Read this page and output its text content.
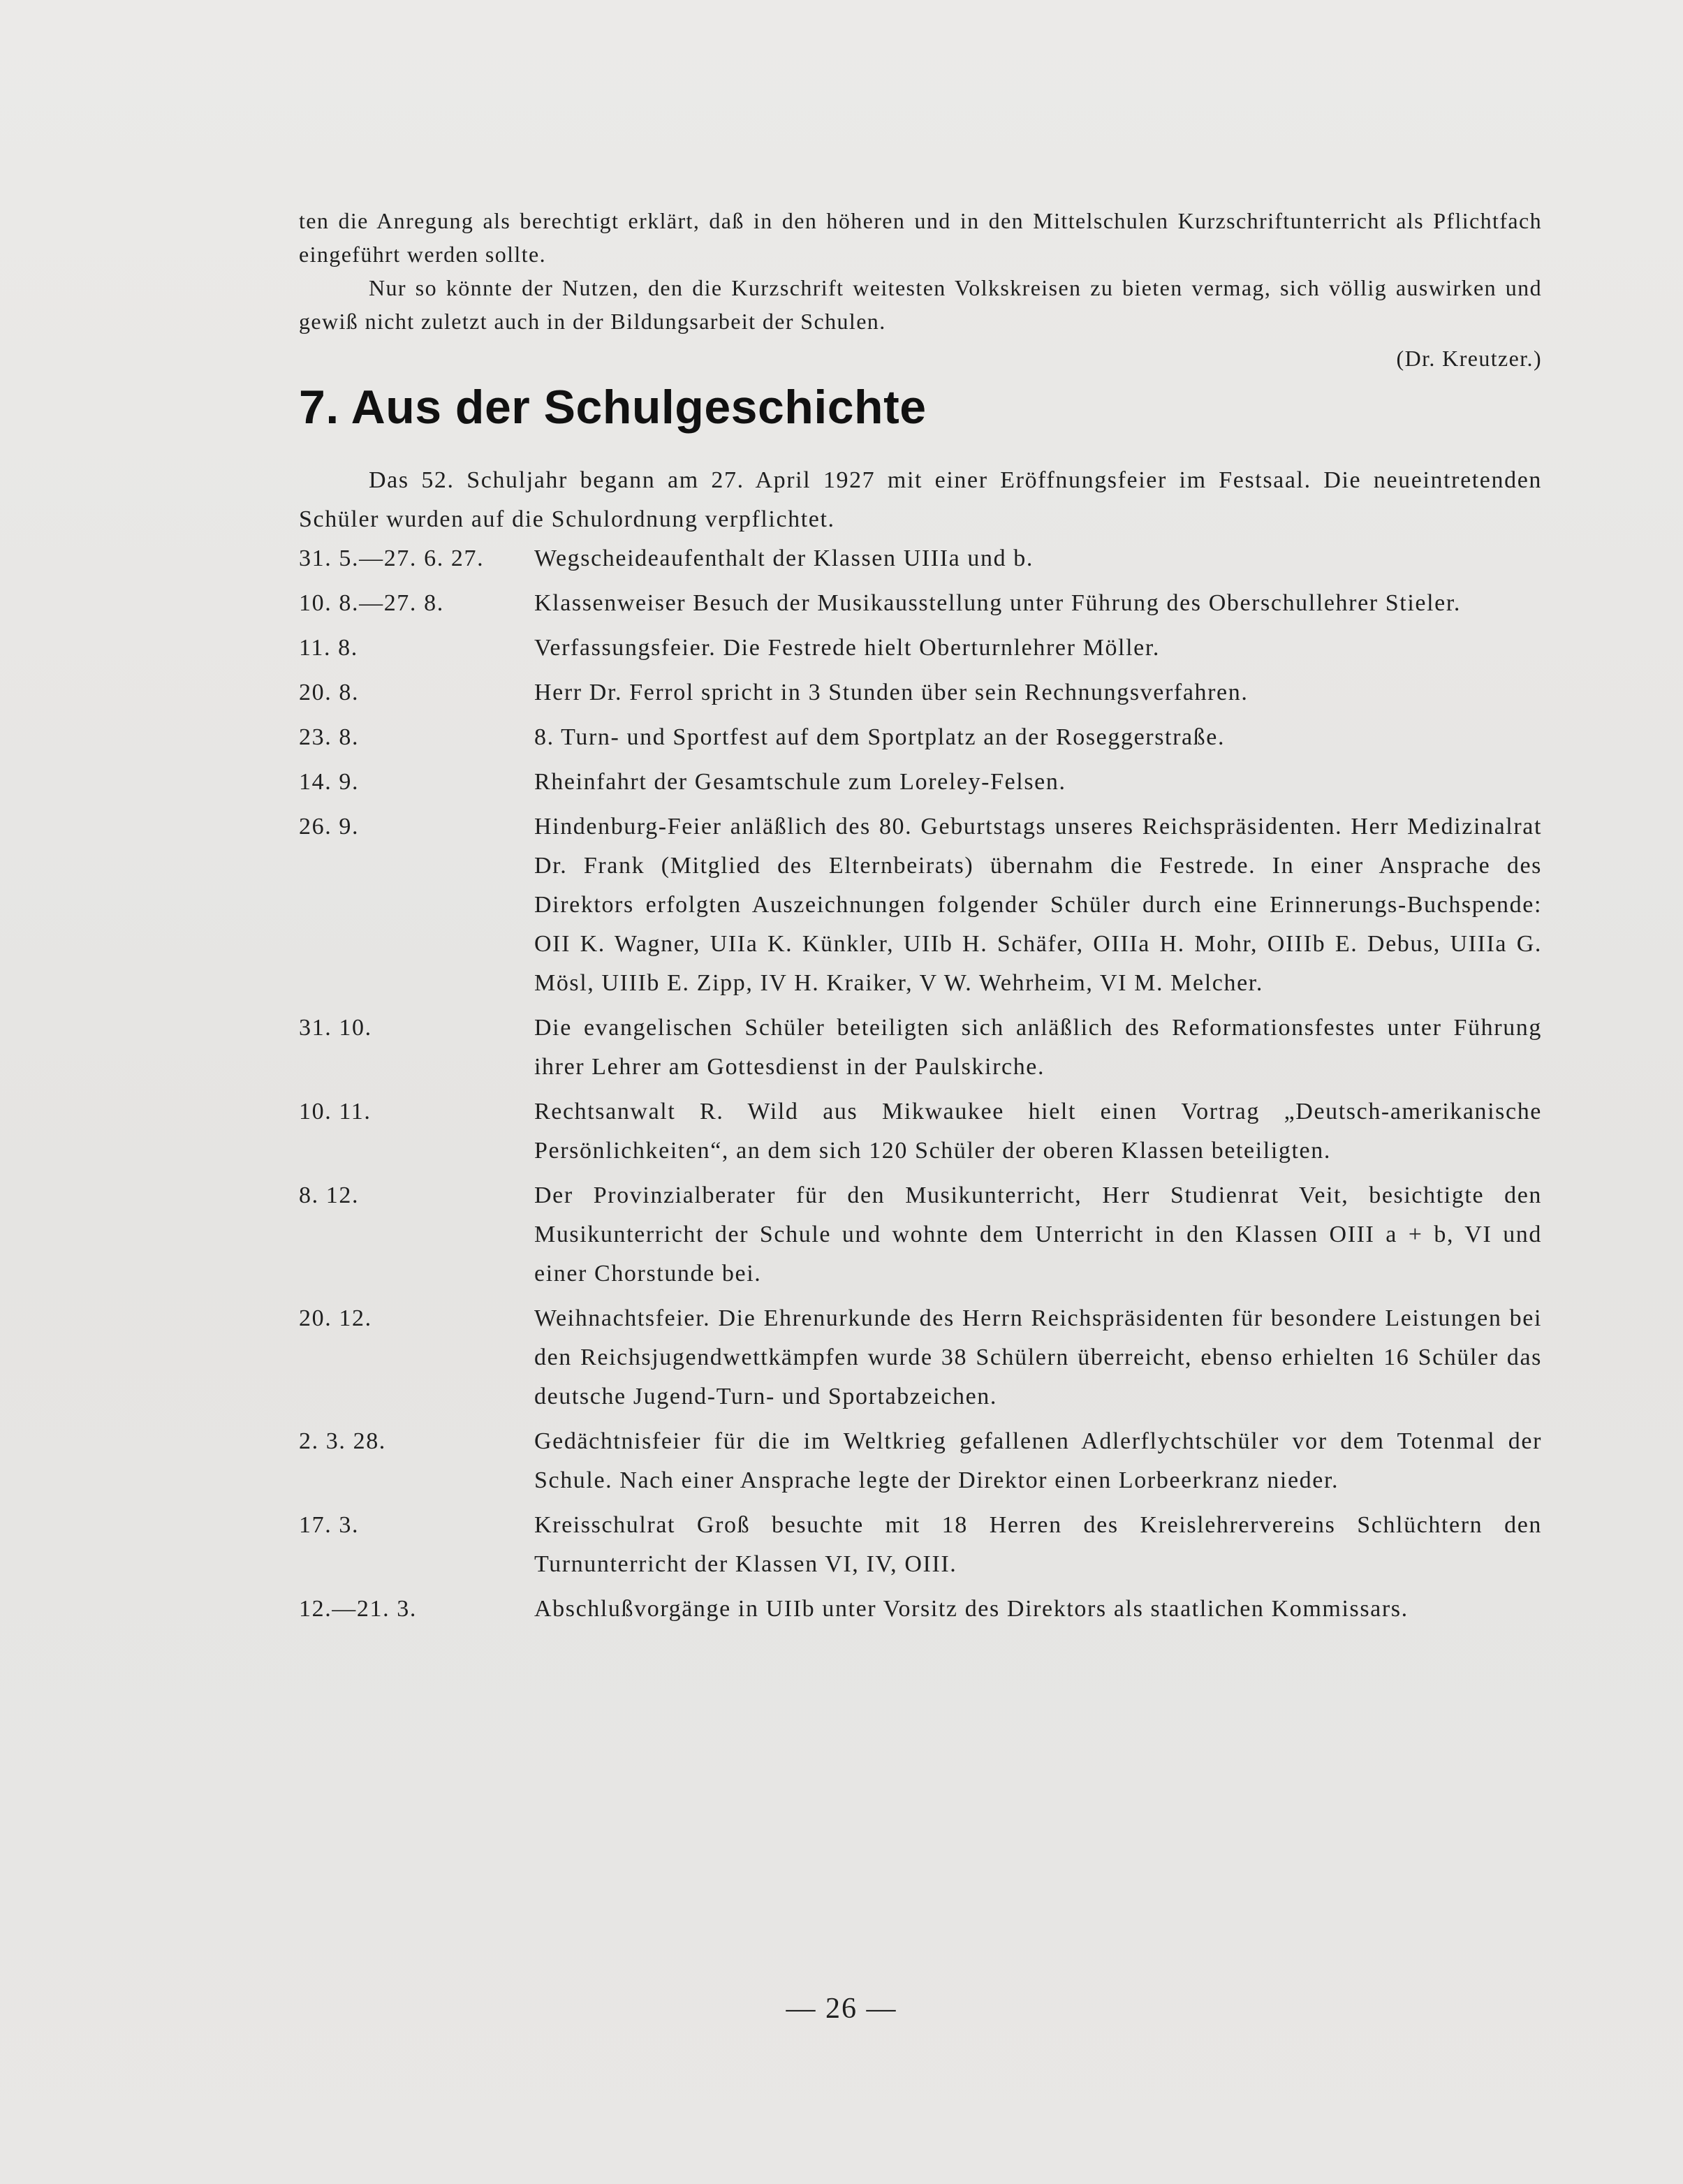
ten die Anregung als berechtigt erklärt, daß in den höheren und in den Mittelschulen Kurzschriftunterricht als Pflichtfach eingeführt werden sollte.

Nur so könnte der Nutzen, den die Kurzschrift weitesten Volkskreisen zu bieten vermag, sich völlig auswirken und gewiß nicht zuletzt auch in der Bildungsarbeit der Schulen.

(Dr. Kreutzer.)

7. Aus der Schulgeschichte

Das 52. Schuljahr begann am 27. April 1927 mit einer Eröffnungsfeier im Festsaal. Die neueintretenden Schüler wurden auf die Schulordnung verpflichtet.

31. 5.—27. 6. 27.	Wegscheideaufenthalt der Klassen UIIIa und b.
10. 8.—27. 8.	Klassenweiser Besuch der Musikausstellung unter Führung des Oberschullehrer Stieler.
11. 8.	Verfassungsfeier. Die Festrede hielt Oberturnlehrer Möller.
20. 8.	Herr Dr. Ferrol spricht in 3 Stunden über sein Rechnungsverfahren.
23. 8.	8. Turn- und Sportfest auf dem Sportplatz an der Roseggerstraße.
14. 9.	Rheinfahrt der Gesamtschule zum Loreley-Felsen.
26. 9.	Hindenburg-Feier anläßlich des 80. Geburtstags unseres Reichspräsidenten. Herr Medizinalrat Dr. Frank (Mitglied des Elternbeirats) übernahm die Festrede. In einer Ansprache des Direktors erfolgten Auszeichnungen folgender Schüler durch eine Erinnerungs-Buchspende: OII K. Wagner, UIIa K. Künkler, UIIb H. Schäfer, OIIIa H. Mohr, OIIIb E. Debus, UIIIa G. Mösl, UIIIb E. Zipp, IV H. Kraiker, V W. Wehrheim, VI M. Melcher.
31. 10.	Die evangelischen Schüler beteiligten sich anläßlich des Reformationsfestes unter Führung ihrer Lehrer am Gottesdienst in der Paulskirche.
10. 11.	Rechtsanwalt R. Wild aus Mikwaukee hielt einen Vortrag „Deutsch-amerikanische Persönlichkeiten“, an dem sich 120 Schüler der oberen Klassen beteiligten.
8. 12.	Der Provinzialberater für den Musikunterricht, Herr Studienrat Veit, besichtigte den Musikunterricht der Schule und wohnte dem Unterricht in den Klassen OIII a + b, VI und einer Chorstunde bei.
20. 12.	Weihnachtsfeier. Die Ehrenurkunde des Herrn Reichspräsidenten für besondere Leistungen bei den Reichsjugendwettkämpfen wurde 38 Schülern überreicht, ebenso erhielten 16 Schüler das deutsche Jugend-Turn- und Sportabzeichen.
2. 3. 28.	Gedächtnisfeier für die im Weltkrieg gefallenen Adlerflychtschüler vor dem Totenmal der Schule. Nach einer Ansprache legte der Direktor einen Lorbeerkranz nieder.
17. 3.	Kreisschulrat Groß besuchte mit 18 Herren des Kreislehrervereins Schlüchtern den Turnunterricht der Klassen VI, IV, OIII.
12.—21. 3.	Abschlußvorgänge in UIIb unter Vorsitz des Direktors als staatlichen Kommissars.
— 26 —
